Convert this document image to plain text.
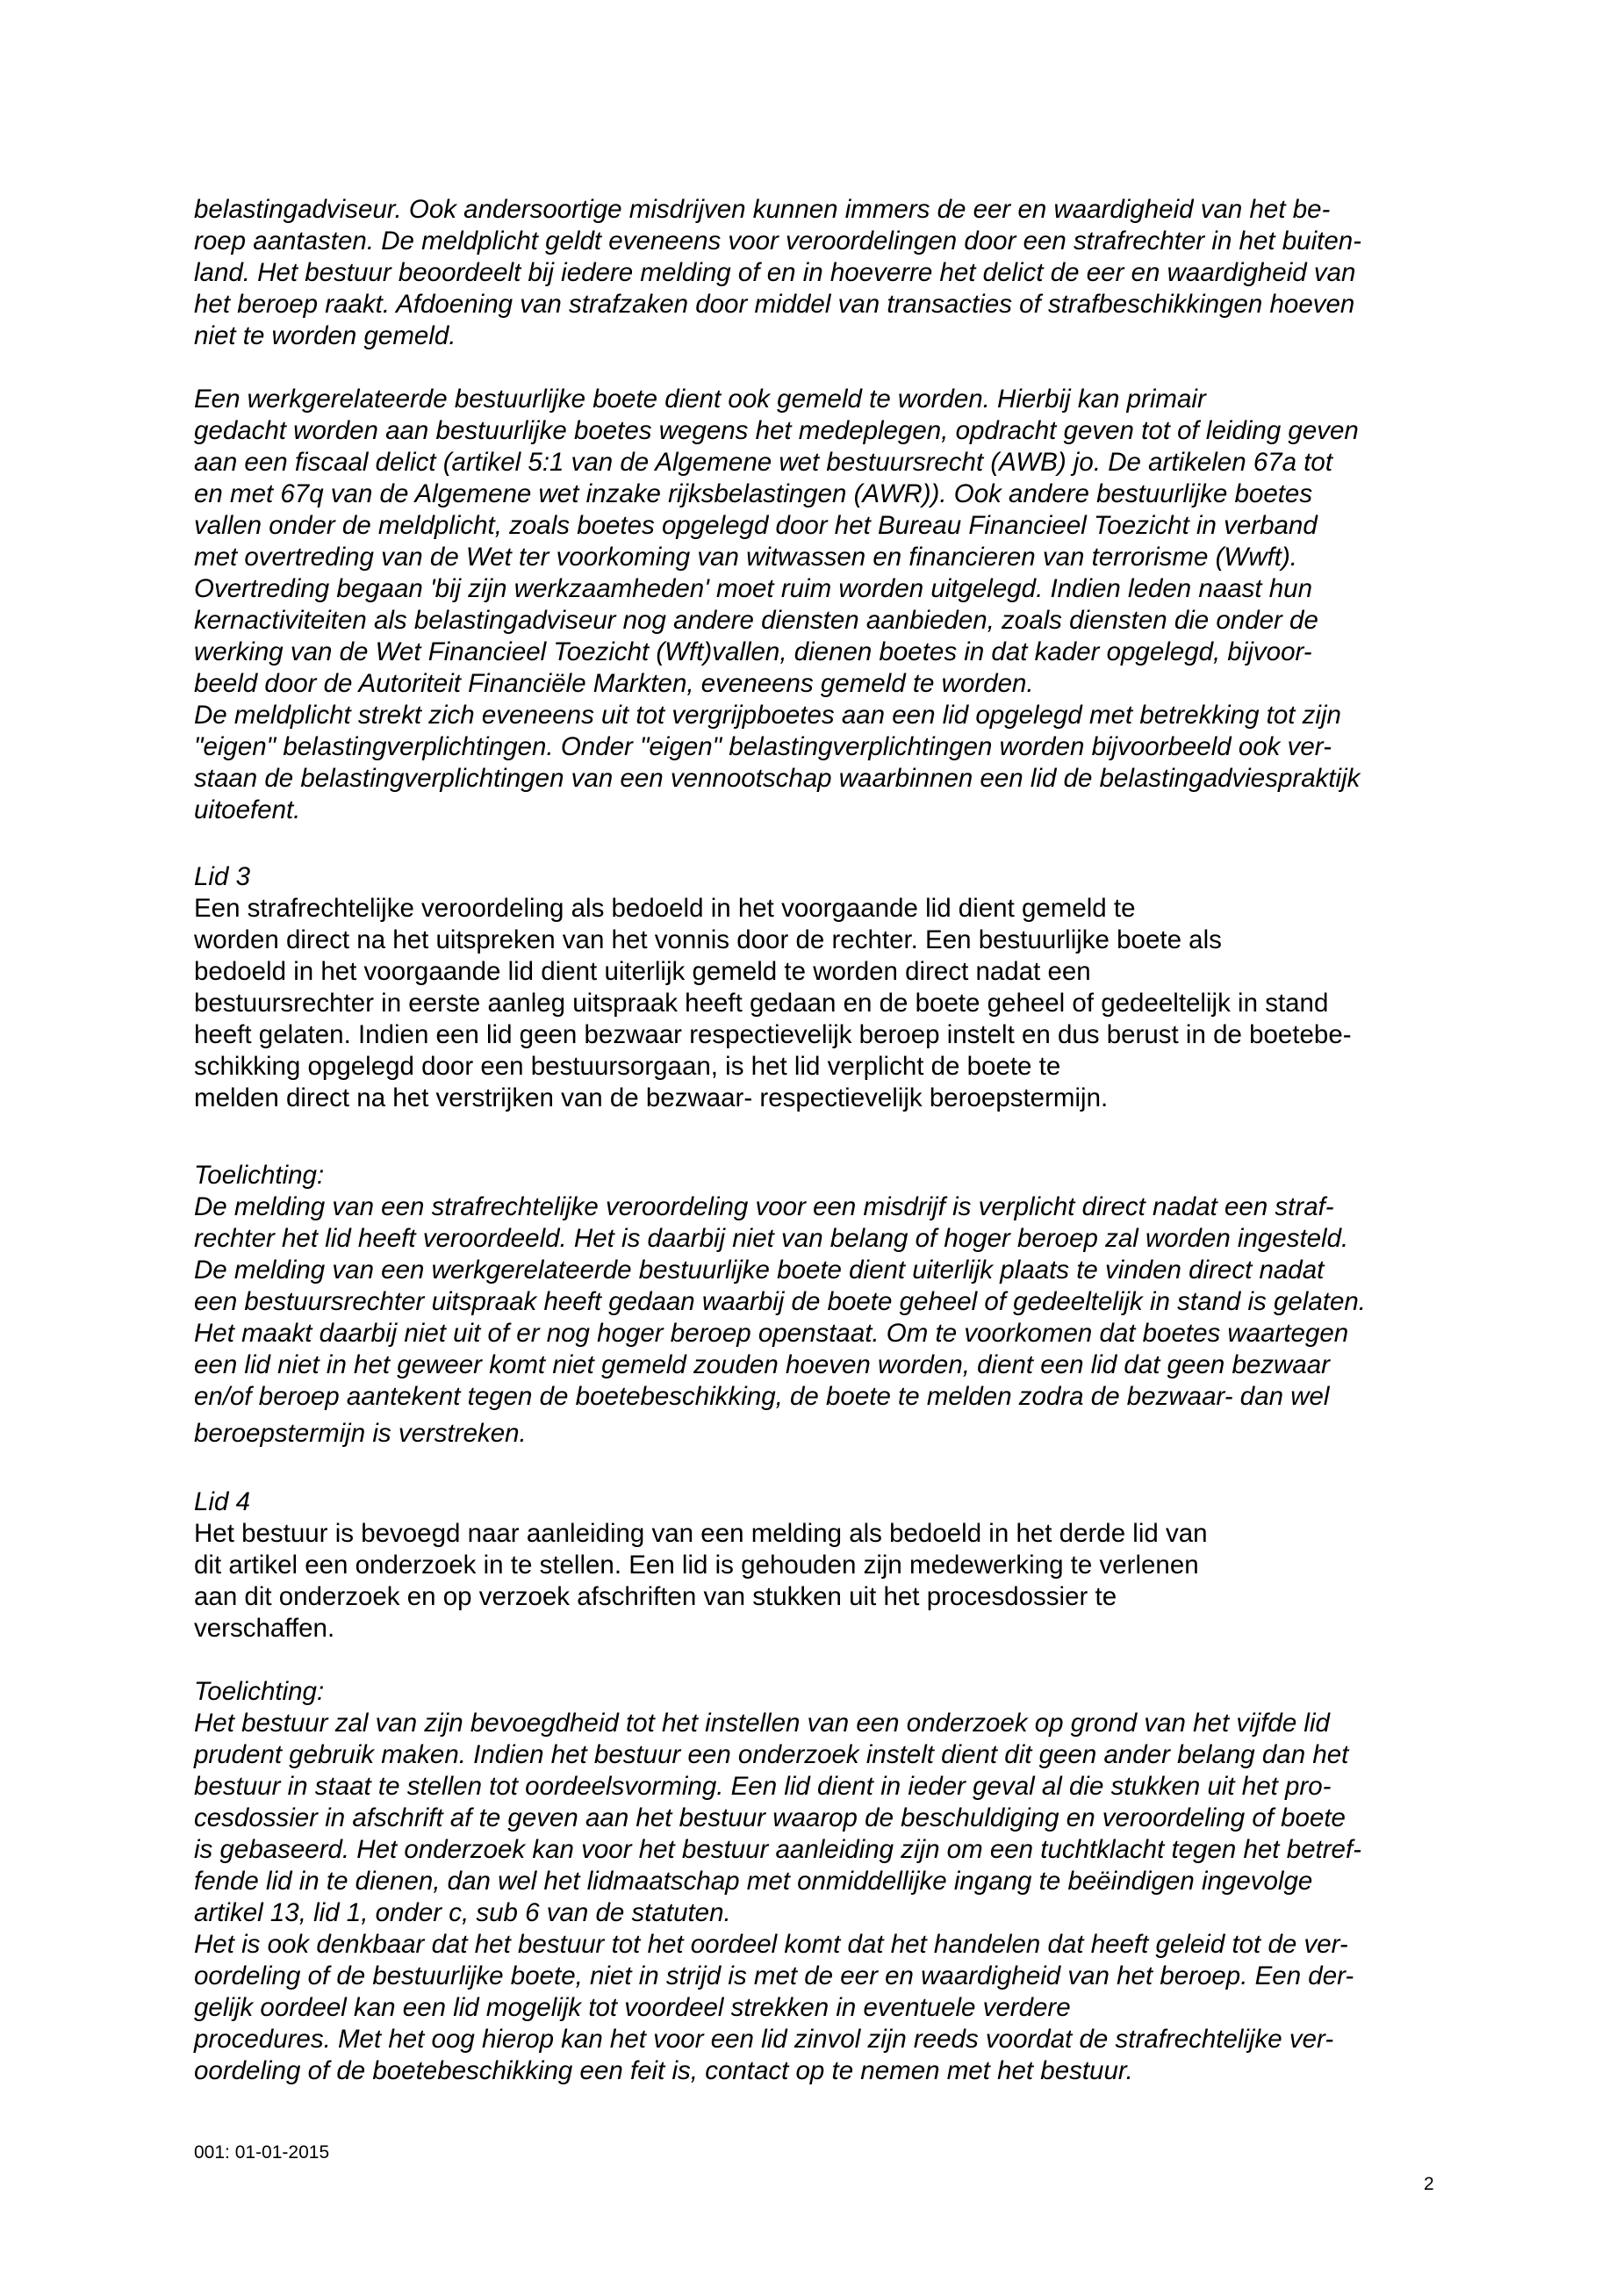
belastingadviseur. Ook andersoortige misdrijven kunnen immers de eer en waardigheid van het be-
roep aantasten. De meldplicht geldt eveneens voor veroordelingen door een strafrechter in het buiten-
land. Het bestuur beoordeelt bij iedere melding of en in hoeverre het delict de eer en waardigheid van
het beroep raakt. Afdoening van strafzaken door middel van transacties of strafbeschikkingen hoeven
niet te worden gemeld.
Een werkgerelateerde bestuurlijke boete dient ook gemeld te worden. Hierbij kan primair
gedacht worden aan bestuurlijke boetes wegens het medeplegen, opdracht geven tot of leiding geven
aan een fiscaal delict (artikel 5:1 van de Algemene wet bestuursrecht (AWB) jo. De artikelen 67a tot
en met 67q van de Algemene wet inzake rijksbelastingen (AWR)). Ook andere bestuurlijke boetes
vallen onder de meldplicht, zoals boetes opgelegd door het Bureau Financieel Toezicht in verband
met overtreding van de Wet ter voorkoming van witwassen en financieren van terrorisme (Wwft).
Overtreding begaan 'bij zijn werkzaamheden' moet ruim worden uitgelegd. Indien leden naast hun
kernactiviteiten als belastingadviseur nog andere diensten aanbieden, zoals diensten die onder de
werking van de Wet Financieel Toezicht (Wft)vallen, dienen boetes in dat kader opgelegd, bijvoor-
beeld door de Autoriteit Financiële Markten, eveneens gemeld te worden.
De meldplicht strekt zich eveneens uit tot vergrijpboetes aan een lid opgelegd met betrekking tot zijn
"eigen" belastingverplichtingen. Onder "eigen" belastingverplichtingen worden bijvoorbeeld ook ver-
staan de belastingverplichtingen van een vennootschap waarbinnen een lid de belastingadviespraktijk
uitoefent.
Lid 3
Een strafrechtelijke veroordeling als bedoeld in het voorgaande lid dient gemeld te
worden direct na het uitspreken van het vonnis door de rechter. Een bestuurlijke boete als
bedoeld in het voorgaande lid dient uiterlijk gemeld te worden direct nadat een
bestuursrechter in eerste aanleg uitspraak heeft gedaan en de boete geheel of gedeeltelijk in stand
heeft gelaten. Indien een lid geen bezwaar respectievelijk beroep instelt en dus berust in de boetebe-
schikking opgelegd door een bestuursorgaan, is het lid verplicht de boete te
melden direct na het verstrijken van de bezwaar- respectievelijk beroepstermijn.
Toelichting:
De melding van een strafrechtelijke veroordeling voor een misdrijf is verplicht direct nadat een straf-
rechter het lid heeft veroordeeld. Het is daarbij niet van belang of hoger beroep zal worden ingesteld.
De melding van een werkgerelateerde bestuurlijke boete dient uiterlijk plaats te vinden direct nadat
een bestuursrechter uitspraak heeft gedaan waarbij de boete geheel of gedeeltelijk in stand is gelaten.
Het maakt daarbij niet uit of er nog hoger beroep openstaat. Om te voorkomen dat boetes waartegen
een lid niet in het geweer komt niet gemeld zouden hoeven worden, dient een lid dat geen bezwaar
en/of beroep aantekent tegen de boetebeschikking, de boete te melden zodra de bezwaar- dan wel
beroepstermijn is verstreken.
Lid 4
Het bestuur is bevoegd naar aanleiding van een melding als bedoeld in het derde lid van
dit artikel een onderzoek in te stellen. Een lid is gehouden zijn medewerking te verlenen
aan dit onderzoek en op verzoek afschriften van stukken uit het procesdossier te
verschaffen.
Toelichting:
Het bestuur zal van zijn bevoegdheid tot het instellen van een onderzoek op grond van het vijfde lid
prudent gebruik maken. Indien het bestuur een onderzoek instelt dient dit geen ander belang dan het
bestuur in staat te stellen tot oordeelsvorming. Een lid dient in ieder geval al die stukken uit het pro-
cesdossier in afschrift af te geven aan het bestuur waarop de beschuldiging en veroordeling of boete
is gebaseerd. Het onderzoek kan voor het bestuur aanleiding zijn om een tuchtklacht tegen het betref-
fende lid in te dienen, dan wel het lidmaatschap met onmiddellijke ingang te beëindigen ingevolge
artikel 13, lid 1, onder c, sub 6 van de statuten.
Het is ook denkbaar dat het bestuur tot het oordeel komt dat het handelen dat heeft geleid tot de ver-
oordeling of de bestuurlijke boete, niet in strijd is met de eer en waardigheid van het beroep. Een der-
gelijk oordeel kan een lid mogelijk tot voordeel strekken in eventuele verdere
procedures. Met het oog hierop kan het voor een lid zinvol zijn reeds voordat de strafrechtelijke ver-
oordeling of de boetebeschikking een feit is, contact op te nemen met het bestuur.
001: 01-01-2015
2
